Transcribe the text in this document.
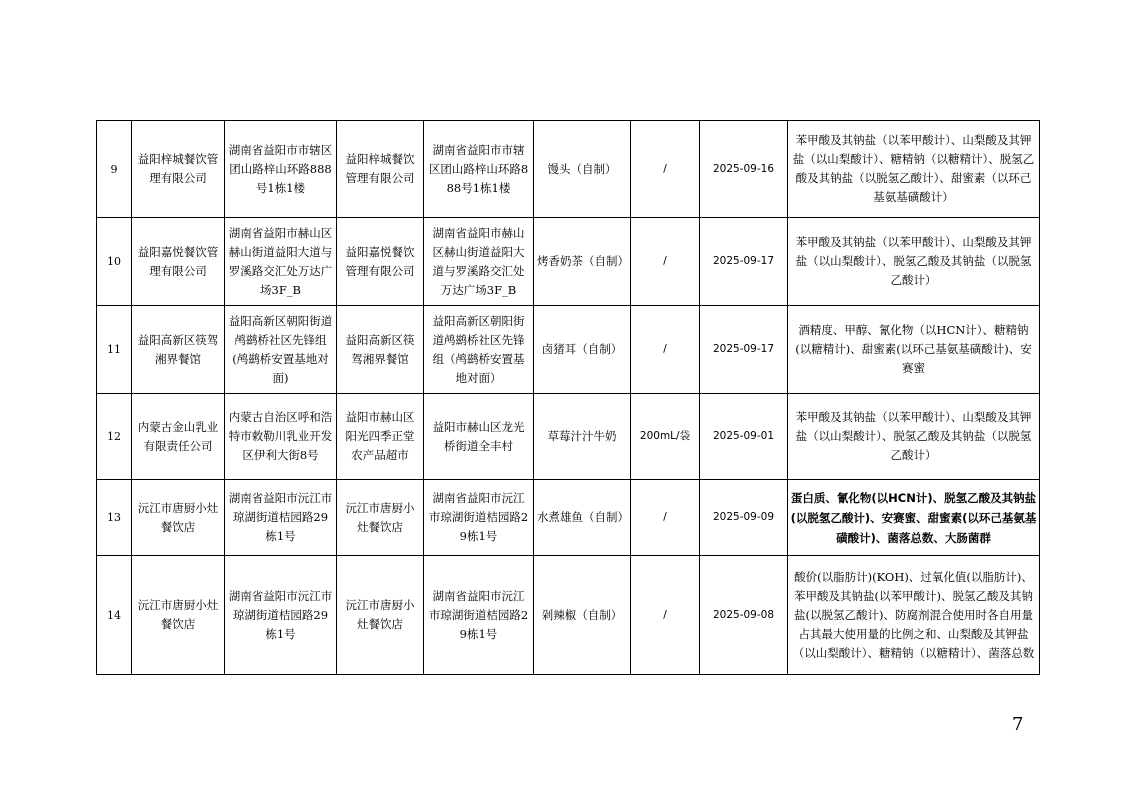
9	益阳梓城餐饮管理有限公司	湖南省益阳市市辖区团山路梓山环路888号1栋1楼	益阳梓城餐饮管理有限公司	湖南省益阳市市辖区团山路梓山环路888号1栋1楼	馒头（自制）	/	2025-09-16	苯甲酸及其钠盐（以苯甲酸计）、山梨酸及其钾盐（以山梨酸计）、糖精钠（以糖精计）、脱氢乙酸及其钠盐（以脱氢乙酸计）、甜蜜素（以环己基氨基磺酸计）
10	益阳嘉悦餐饮管理有限公司	湖南省益阳市赫山区赫山街道益阳大道与罗溪路交汇处万达广场3F_B	益阳嘉悦餐饮管理有限公司	湖南省益阳市赫山区赫山街道益阳大道与罗溪路交汇处万达广场3F_B	烤香奶茶（自制）	/	2025-09-17	苯甲酸及其钠盐（以苯甲酸计）、山梨酸及其钾盐（以山梨酸计）、脱氢乙酸及其钠盐（以脱氢乙酸计）
11	益阳高新区筷驾湘界餐馆	益阳高新区朝阳街道鸬鹚桥社区先锋组(鸬鹚桥安置基地对面)	益阳高新区筷驾湘界餐馆	益阳高新区朝阳街道鸬鹚桥社区先锋组（鸬鹚桥安置基地对面）	卤猪耳（自制）	/	2025-09-17	酒精度、甲醇、氰化物（以HCN计）、糖精钠(以糖精计)、甜蜜素(以环己基氨基磺酸计)、安赛蜜
12	内蒙古金山乳业有限责任公司	内蒙古自治区呼和浩特市敕勒川乳业开发区伊利大街8号	益阳市赫山区阳光四季正堂农产品超市	益阳市赫山区龙光桥街道全丰村	草莓汁汁牛奶	200mL/袋	2025-09-01	苯甲酸及其钠盐（以苯甲酸计）、山梨酸及其钾盐（以山梨酸计）、脱氢乙酸及其钠盐（以脱氢乙酸计）
13	沅江市唐厨小灶餐饮店	湖南省益阳市沅江市琼湖街道桔园路29栋1号	沅江市唐厨小灶餐饮店	湖南省益阳市沅江市琼湖街道桔园路29栋1号	水煮雄鱼（自制）	/	2025-09-09	蛋白质、氰化物(以HCN计)、脱氢乙酸及其钠盐(以脱氢乙酸计)、安赛蜜、甜蜜素(以环己基氨基磺酸计)、菌落总数、大肠菌群
14	沅江市唐厨小灶餐饮店	湖南省益阳市沅江市琼湖街道桔园路29栋1号	沅江市唐厨小灶餐饮店	湖南省益阳市沅江市琼湖街道桔园路29栋1号	剁辣椒（自制）	/	2025-09-08	酸价(以脂肪计)(KOH)、过氧化值(以脂肪计)、苯甲酸及其钠盐(以苯甲酸计)、脱氢乙酸及其钠盐(以脱氢乙酸计)、防腐剂混合使用时各自用量占其最大使用量的比例之和、山梨酸及其钾盐（以山梨酸计）、糖精钠（以糖精计）、菌落总数
7
